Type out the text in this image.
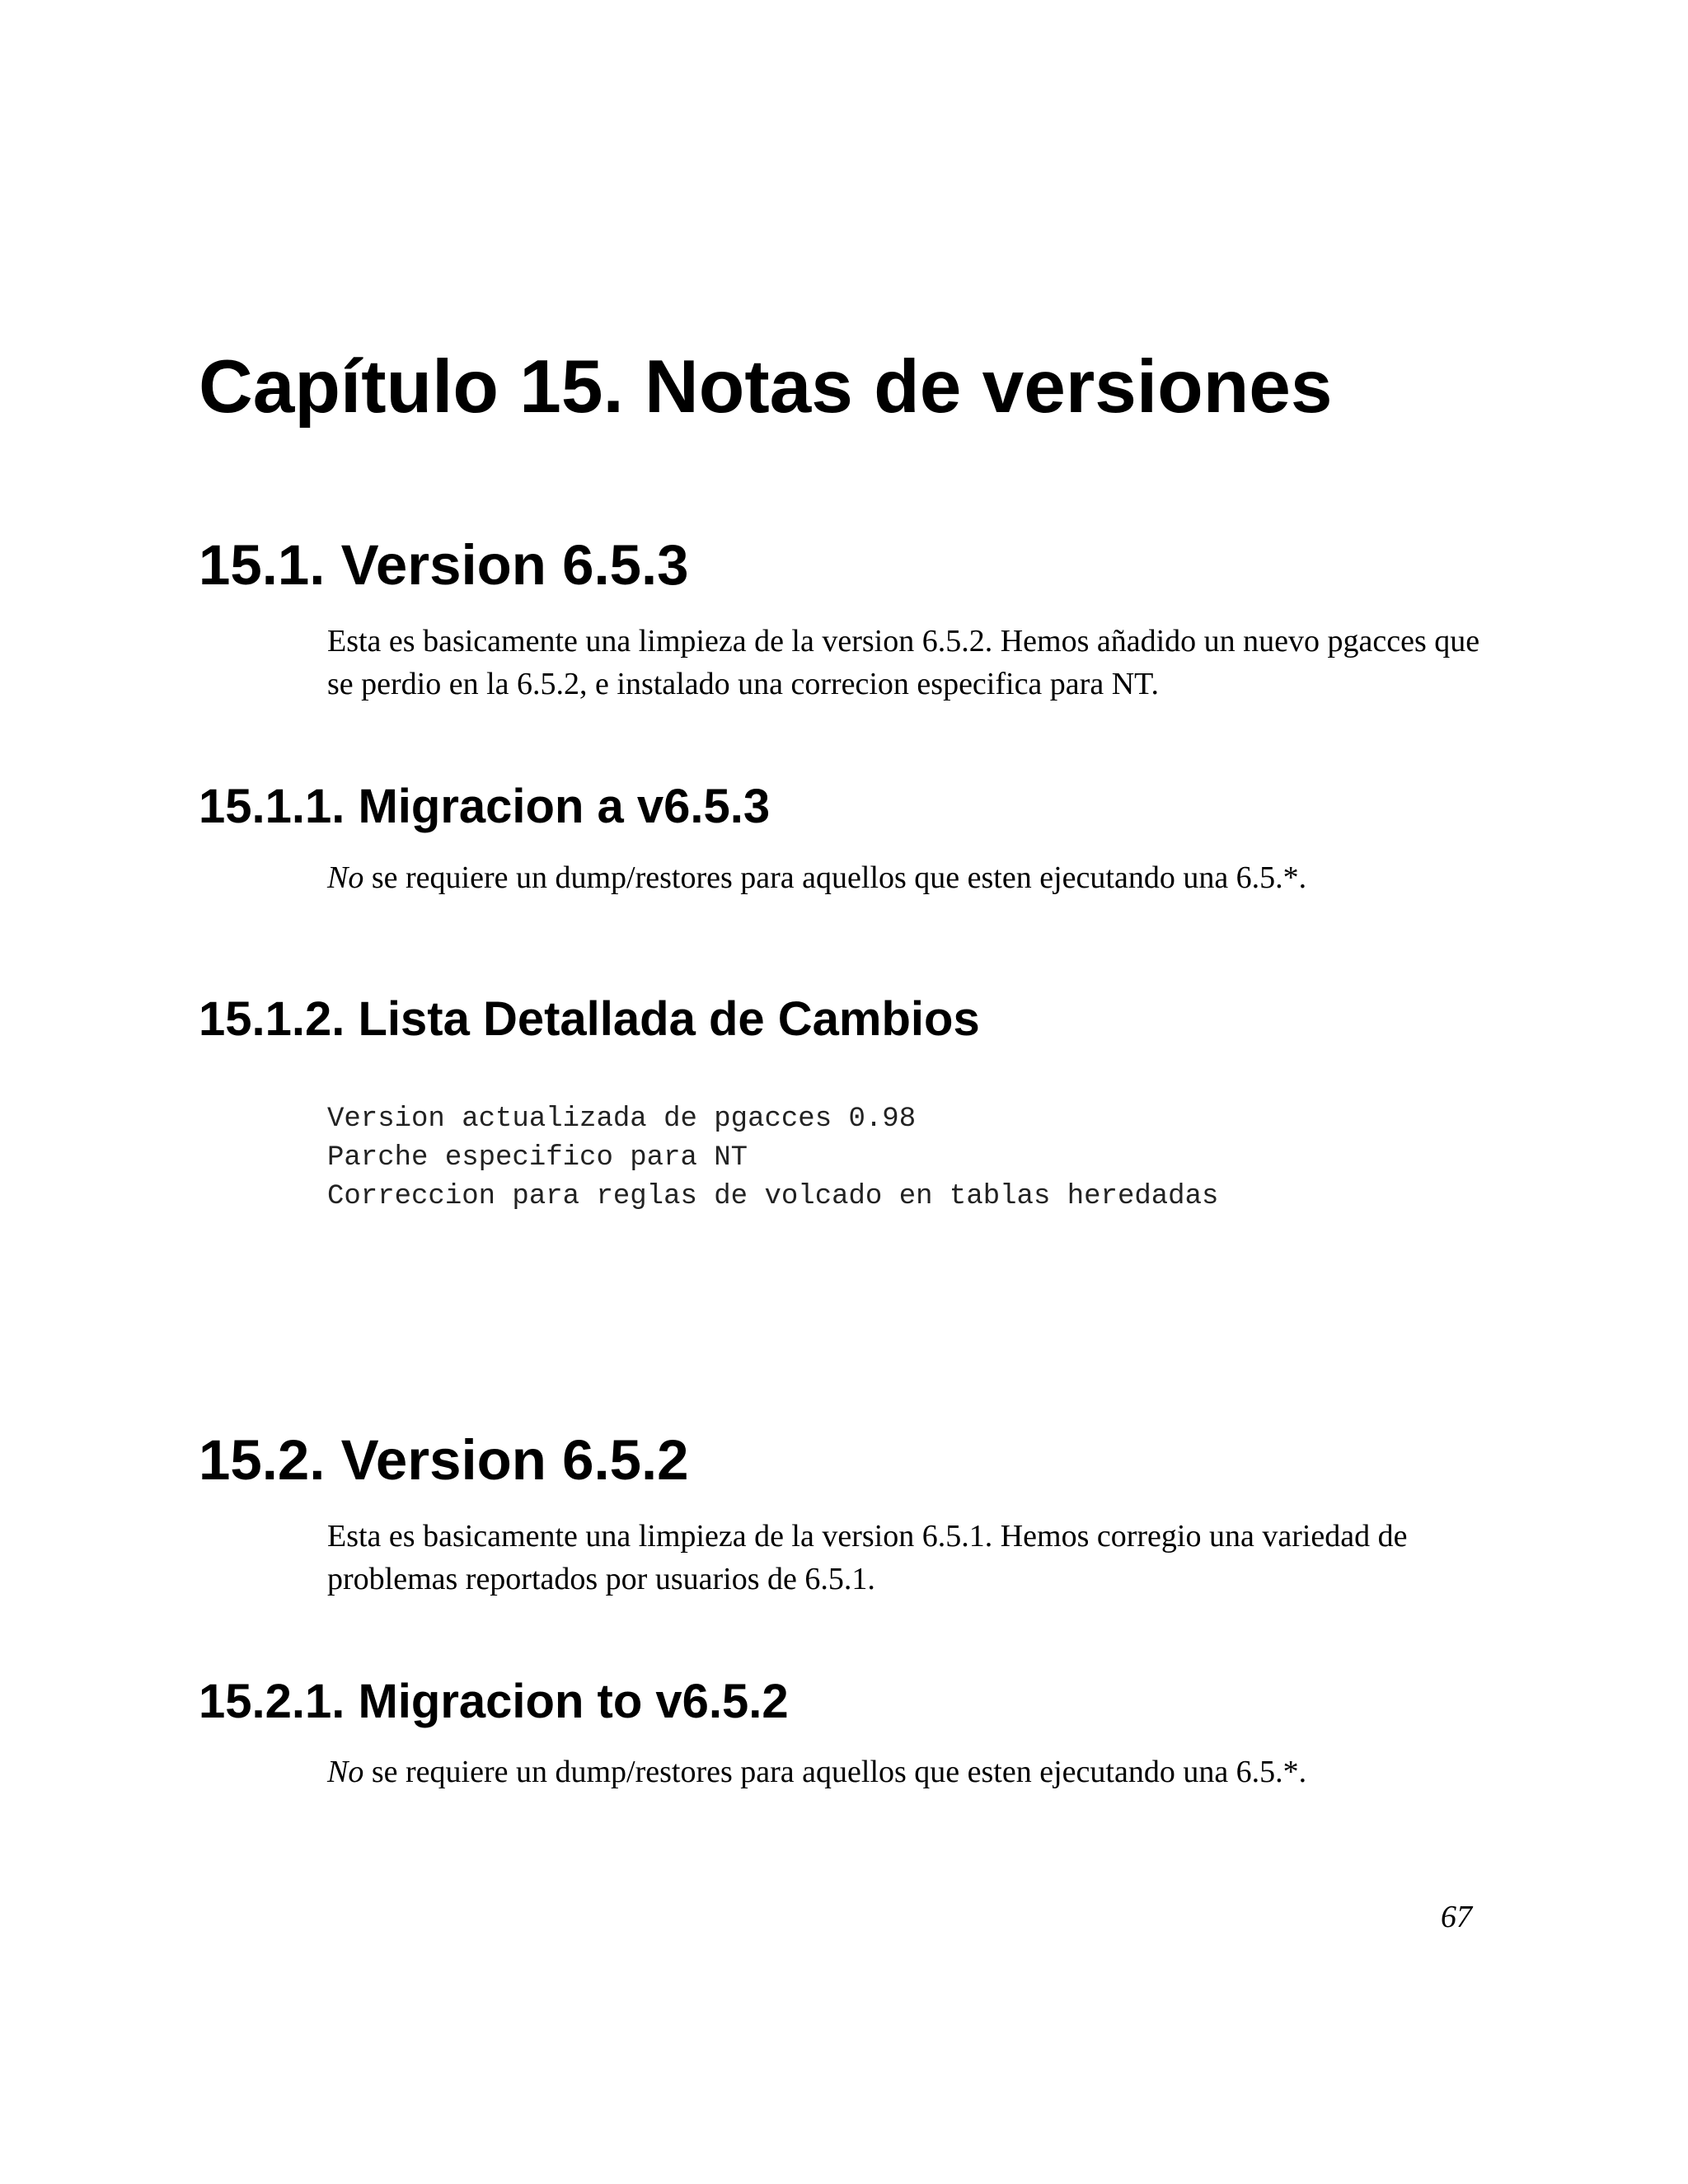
Capítulo 15. Notas de versiones
15.1. Version 6.5.3

Esta es basicamente una limpieza de la version 6.5.2. Hemos añadido un nuevo pgacces que se perdio en la 6.5.2, e instalado una correcion especifica para NT.

15.1.1. Migracion a v6.5.3

No se requiere un dump/restores para aquellos que esten ejecutando una 6.5.*.

15.1.2. Lista Detallada de Cambios
Version actualizada de pgacces 0.98
Parche especifico para NT
Correccion para reglas de volcado en tablas heredadas
15.2. Version 6.5.2

Esta es basicamente una limpieza de la version 6.5.1. Hemos corregio una variedad de problemas reportados por usuarios de 6.5.1.

15.2.1. Migracion to v6.5.2

No se requiere un dump/restores para aquellos que esten ejecutando una 6.5.*.

67
